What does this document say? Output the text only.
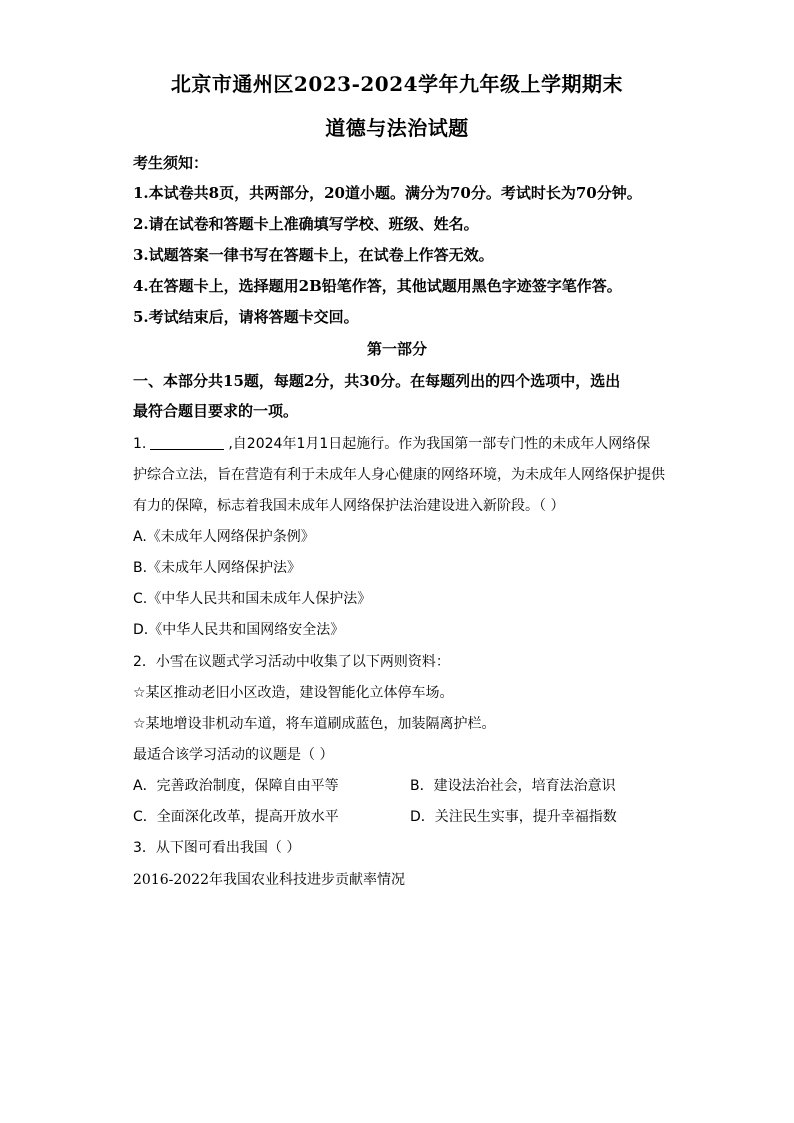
北京市通州区2023-2024学年九年级上学期期末
道德与法治试题
考生须知：
1.本试卷共8页，共两部分，20道小题。满分为70分。考试时长为70分钟。
2.请在试卷和答题卡上准确填写学校、班级、姓名。
3.试题答案一律书写在答题卡上，在试卷上作答无效。
4.在答题卡上，选择题用2B铅笔作答，其他试题用黑色字迹签字笔作答。
5.考试结束后，请将答题卡交回。
第一部分
一、本部分共15题，每题2分，共30分。在每题列出的四个选项中，选出
最符合题目要求的一项。
1.	,自2024年1月1日起施行。作为我国第一部专门性的未成年人网络保
护综合立法，旨在营造有利于未成年人身心健康的网络环境，为未成年人网络保护提供
有力的保障，标志着我国未成年人网络保护法治建设进入新阶段。（ ）
A.《未成年人网络保护条例》
B.《未成年人网络保护法》
C.《中华人民共和国未成年人保护法》
D.《中华人民共和国网络安全法》
2．小雪在议题式学习活动中收集了以下两则资料：
☆某区推动老旧小区改造，建设智能化立体停车场。
☆某地增设非机动车道，将车道刷成蓝色，加装隔离护栏。
最适合该学习活动的议题是（ ）
A．完善政治制度，保障自由平等	B．建设法治社会，培育法治意识
C．全面深化改革，提高开放水平	D．关注民生实事，提升幸福指数
3．从下图可看出我国（ ）
2016-2022年我国农业科技进步贡献率情况
